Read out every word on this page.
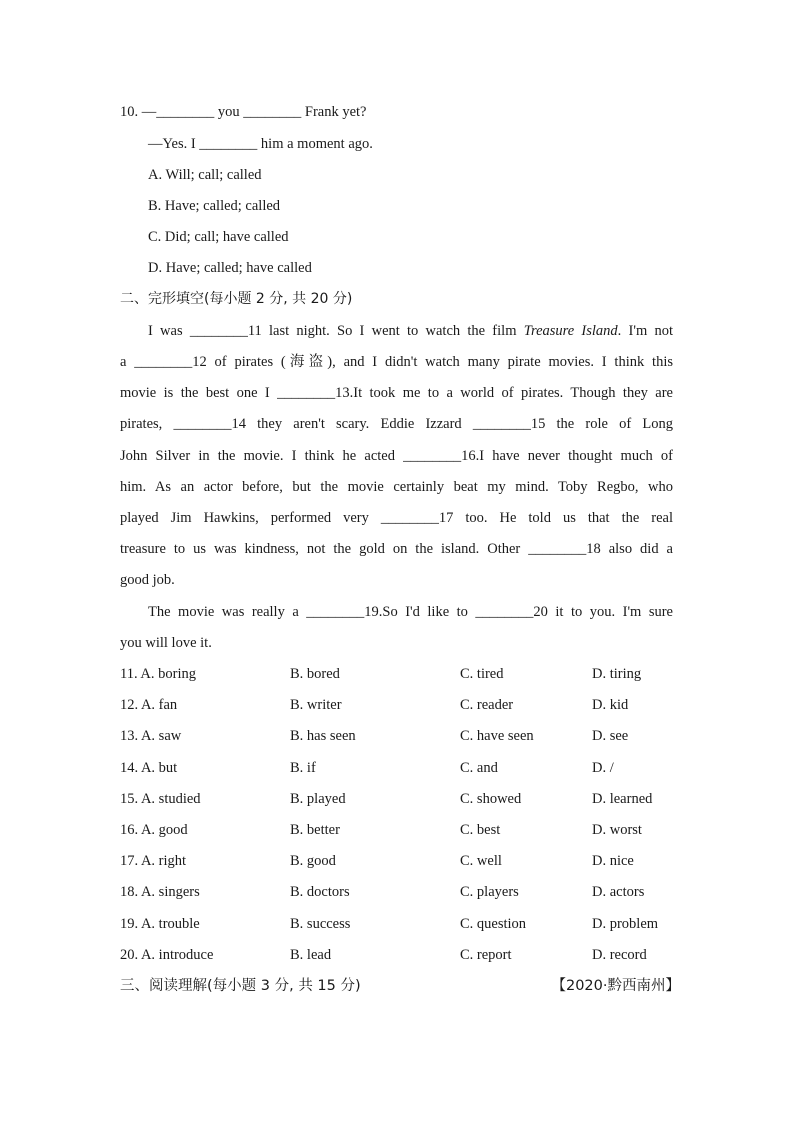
10. —________ you ________ Frank yet?
—Yes. I ________ him a moment ago.
A. Will; call; called
B. Have; called; called
C. Did; call; have called
D. Have; called; have called
二、完形填空(每小题 2 分, 共 20 分)
I was ________11 last night. So I went to watch the film Treasure Island. I'm not
a ________12 of pirates (海盗), and I didn't watch many pirate movies. I think this
movie is the best one I ________13.It took me to a world of pirates. Though they are
pirates, ________14 they aren't scary. Eddie Izzard ________15 the role of Long
John Silver in the movie. I think he acted ________16.I have never thought much of
him. As an actor before, but the movie certainly beat my mind. Toby Regbo, who
played Jim Hawkins, performed very ________17 too. He told us that the real
treasure to us was kindness, not the gold on the island. Other ________18 also did a
good job.
The movie was really a ________19.So I'd like to ________20 it to you. I'm sure
you will love it.
11. A. boring	B. bored	C. tired	D. tiring
12. A. fan	B. writer	C. reader	D. kid
13. A. saw	B. has seen	C. have seen	D. see
14. A. but	B. if	C. and	D. /
15. A. studied	B. played	C. showed	D. learned
16. A. good	B. better	C. best	D. worst
17. A. right	B. good	C. well	D. nice
18. A. singers	B. doctors	C. players	D. actors
19. A. trouble	B. success	C. question	D. problem
20. A. introduce	B. lead	C. report	D. record
三、阅读理解(每小题 3 分, 共 15 分)	【2020·黔西南州】
